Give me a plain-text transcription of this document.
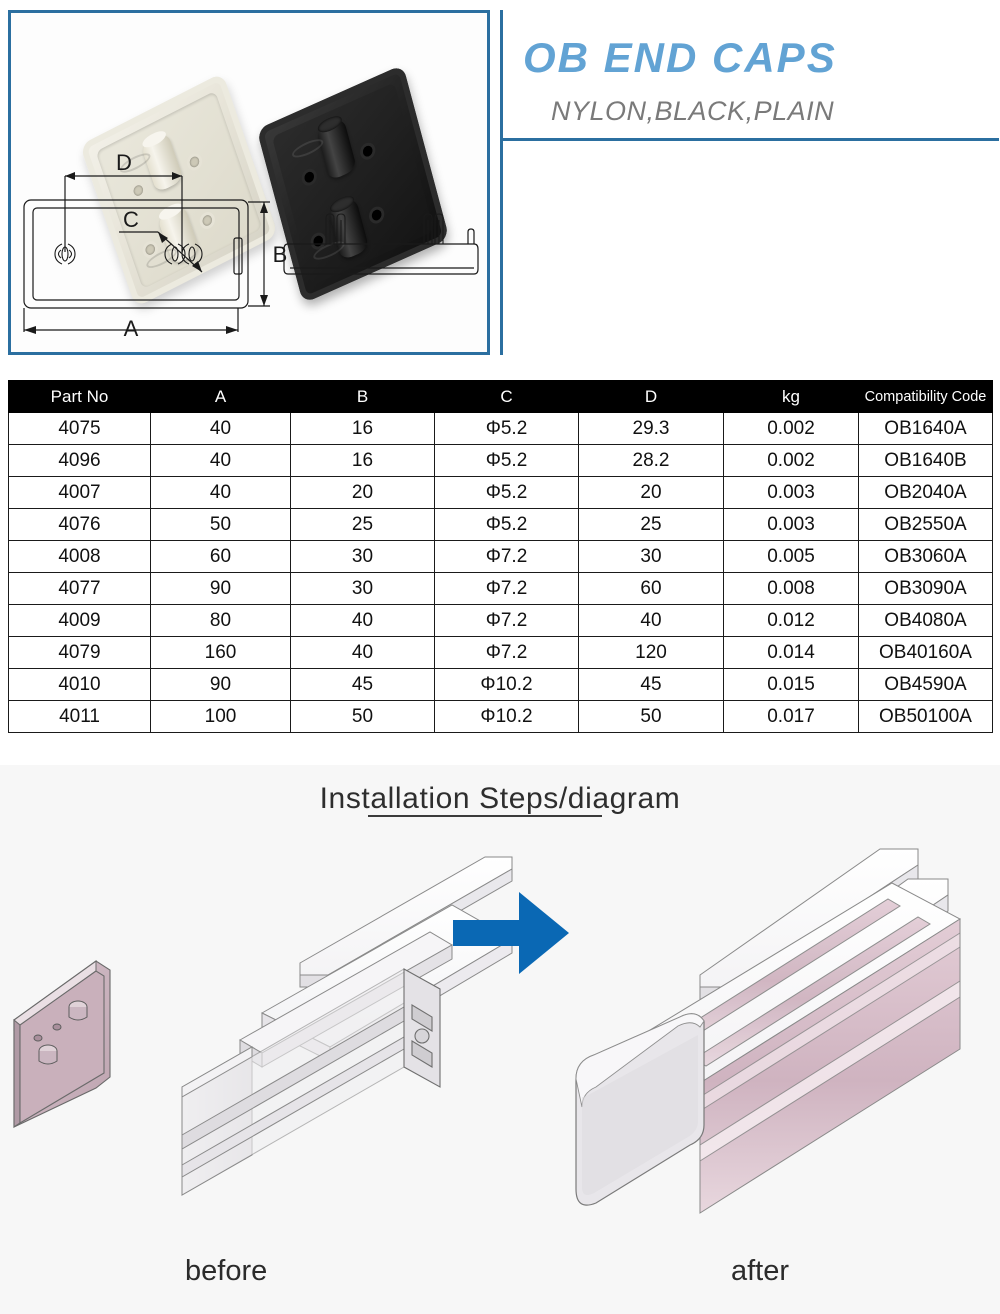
OB END CAPS
NYLON,BLACK,PLAIN
D
C
A
B
Part No	A	B	C	D	kg	Compatibility Code
4075	40	16	Φ5.2	29.3	0.002	OB1640A
4096	40	16	Φ5.2	28.2	0.002	OB1640B
4007	40	20	Φ5.2	20	0.003	OB2040A
4076	50	25	Φ5.2	25	0.003	OB2550A
4008	60	30	Φ7.2	30	0.005	OB3060A
4077	90	30	Φ7.2	60	0.008	OB3090A
4009	80	40	Φ7.2	40	0.012	OB4080A
4079	160	40	Φ7.2	120	0.014	OB40160A
4010	90	45	Φ10.2	45	0.015	OB4590A
4011	100	50	Φ10.2	50	0.017	OB50100A
Installation Steps/diagram
before	after
